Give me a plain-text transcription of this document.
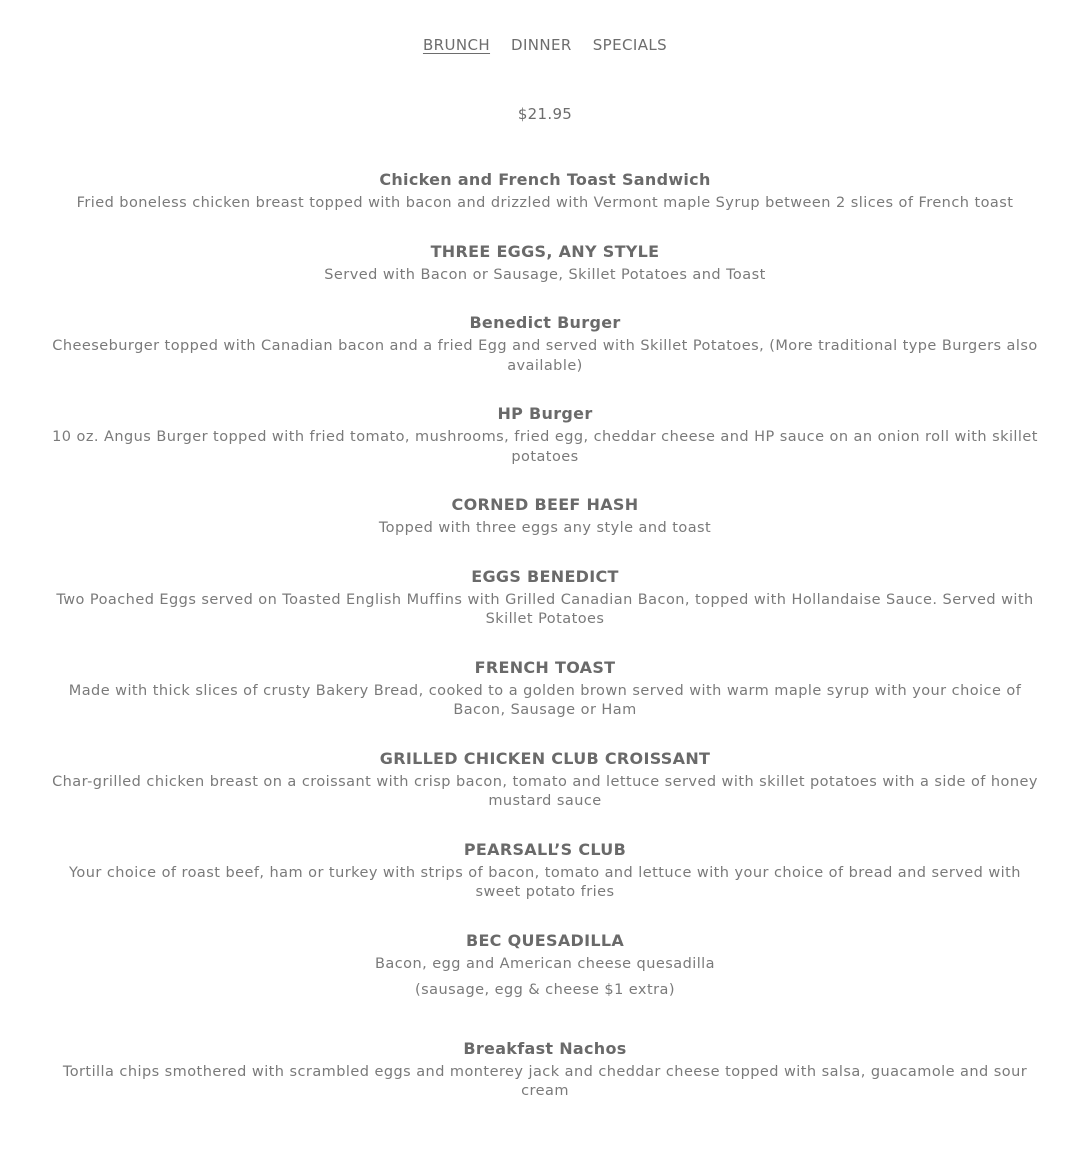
BRUNCH DINNER SPECIALS
$21.95
Chicken and French Toast Sandwich
Fried boneless chicken breast topped with bacon and drizzled with Vermont maple Syrup between 2 slices of French toast
THREE EGGS, ANY STYLE
Served with Bacon or Sausage, Skillet Potatoes and Toast
Benedict Burger
Cheeseburger topped with Canadian bacon and a fried Egg and served with Skillet Potatoes, (More traditional type Burgers also available)
HP Burger
10 oz. Angus Burger topped with fried tomato, mushrooms, fried egg, cheddar cheese and HP sauce on an onion roll with skillet potatoes
CORNED BEEF HASH
Topped with three eggs any style and toast
EGGS BENEDICT
Two Poached Eggs served on Toasted English Muffins with Grilled Canadian Bacon, topped with Hollandaise Sauce. Served with Skillet Potatoes
FRENCH TOAST
Made with thick slices of crusty Bakery Bread, cooked to a golden brown served with warm maple syrup with your choice of Bacon, Sausage or Ham
GRILLED CHICKEN CLUB CROISSANT
Char-grilled chicken breast on a croissant with crisp bacon, tomato and lettuce served with skillet potatoes with a side of honey mustard sauce
PEARSALL’S CLUB
Your choice of roast beef, ham or turkey with strips of bacon, tomato and lettuce with your choice of bread and served with sweet potato fries
BEC QUESADILLA
Bacon, egg and American cheese quesadilla
(sausage, egg & cheese $1 extra)
Breakfast Nachos
Tortilla chips smothered with scrambled eggs and monterey jack and cheddar cheese topped with salsa, guacamole and sour cream
